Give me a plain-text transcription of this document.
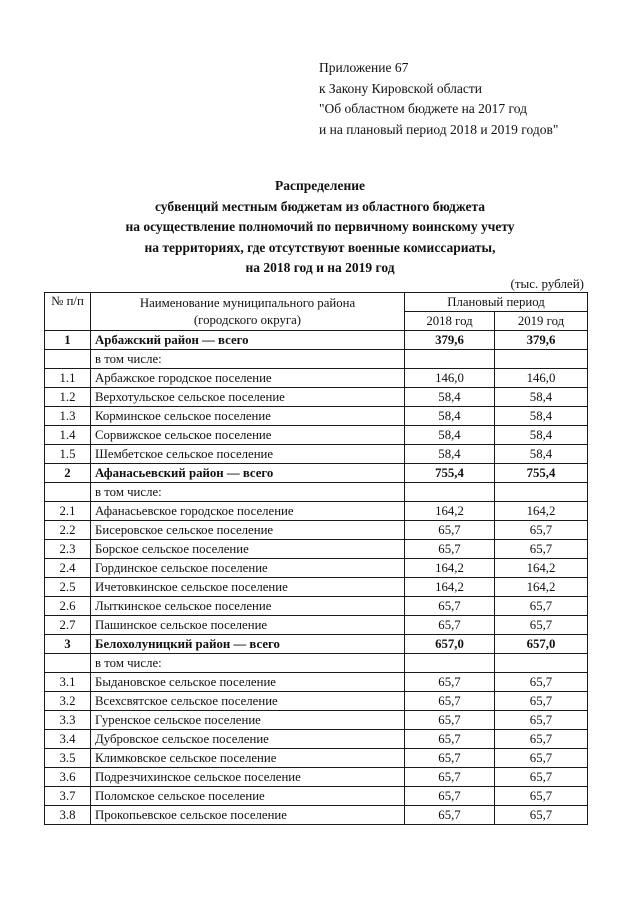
Приложение 67
к Закону Кировской области
"Об областном бюджете на 2017 год
и на плановый период 2018 и 2019 годов"
Распределение
субвенций местным бюджетам из областного бюджета
на осуществление полномочий по первичному воинскому учету
на территориях, где отсутствуют военные комиссариаты,
на 2018 год и на 2019 год
(тыс. рублей)
№ п/п	Наименование муниципального района
(городского округа)	Плановый период	
		2018 год	2019 год
1	Арбажский район — всего	379,6	379,6
	в том числе:		
1.1	Арбажское городское поселение	146,0	146,0
1.2	Верхотульское сельское поселение	58,4	58,4
1.3	Корминское сельское поселение	58,4	58,4
1.4	Сорвижское сельское поселение	58,4	58,4
1.5	Шембетское сельское поселение	58,4	58,4
2	Афанасьевский район — всего	755,4	755,4
	в том числе:		
2.1	Афанасьевское городское поселение	164,2	164,2
2.2	Бисеровское сельское поселение	65,7	65,7
2.3	Борское сельское поселение	65,7	65,7
2.4	Гординское сельское поселение	164,2	164,2
2.5	Ичетовкинское сельское поселение	164,2	164,2
2.6	Лыткинское сельское поселение	65,7	65,7
2.7	Пашинское сельское поселение	65,7	65,7
3	Белохолуницкий район — всего	657,0	657,0
	в том числе:		
3.1	Быдановское сельское поселение	65,7	65,7
3.2	Всехсвятское сельское поселение	65,7	65,7
3.3	Гуренское сельское поселение	65,7	65,7
3.4	Дубровское сельское поселение	65,7	65,7
3.5	Климковское сельское поселение	65,7	65,7
3.6	Подрезчихинское сельское поселение	65,7	65,7
3.7	Поломское сельское поселение	65,7	65,7
3.8	Прокопьевское сельское поселение	65,7	65,7
